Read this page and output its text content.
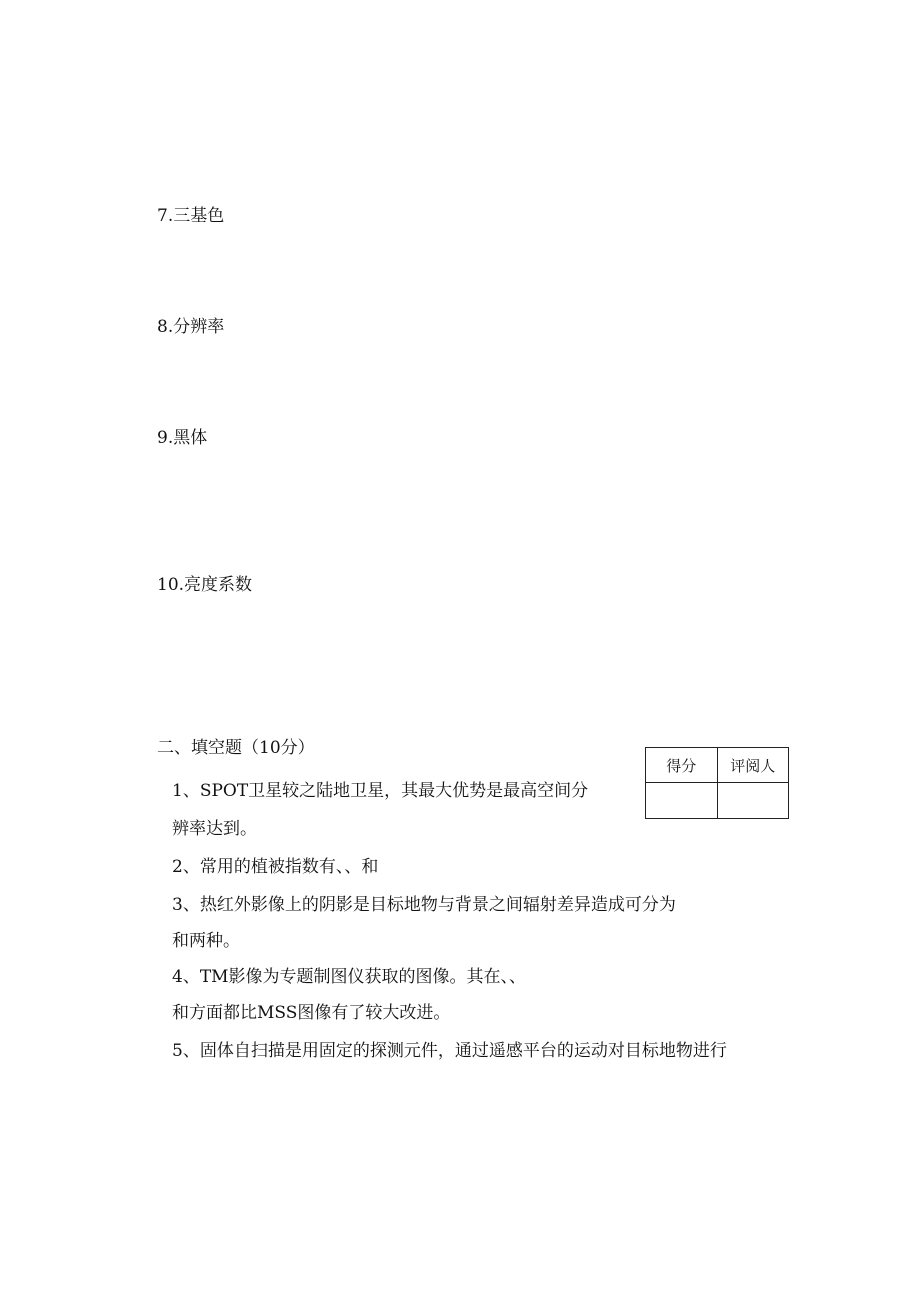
7.三基色
8.分辨率
9.黑体
10.亮度系数
二、填空题（10分）
得分	评阅人

1、SPOT卫星较之陆地卫星，其最大优势是最高空间分
辨率达到。
2、常用的植被指数有、、和
3、热红外影像上的阴影是目标地物与背景之间辐射差异造成可分为
和两种。
4、TM影像为专题制图仪获取的图像。其在、、
和方面都比MSS图像有了较大改进。
5、固体自扫描是用固定的探测元件，通过遥感平台的运动对目标地物进行
